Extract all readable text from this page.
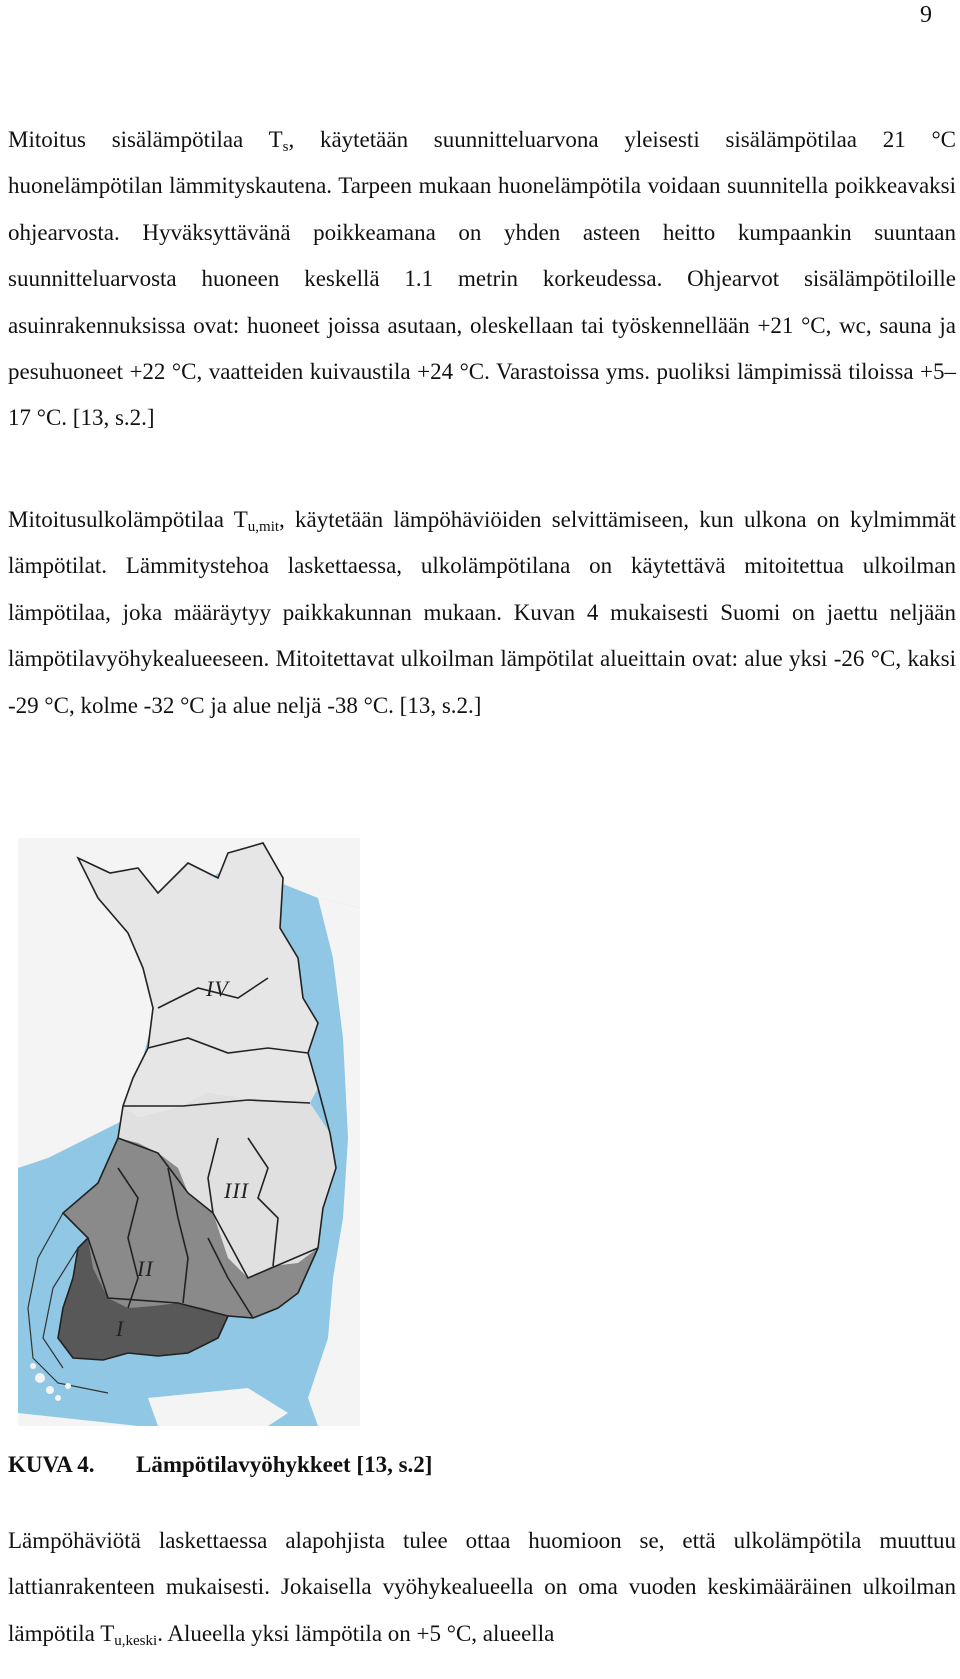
9

Mitoitus sisälämpötilaa $T_s$, käytetään suunnitteluarvona yleisesti sisälämpötilaa 21 °C huonelämpötilan lämmityskautena. Tarpeen mukaan huonelämpötila voidaan suunnitella poikkeavaksi ohjearvosta. Hyväksyttävänä poikkeamana on yhden asteen heitto kumpaankin suuntaan suunnitteluarvosta huoneen keskellä 1.1 metrin korkeudessa. Ohjearvot sisälämpötiloille asuinrakennuksissa ovat: huoneet joissa asutaan, oleskellaan tai työskennellään +21 °C, wc, sauna ja pesuhuoneet +22 °C, vaatteiden kuivaustila +24 °C. Varastoissa yms. puoliksi lämpimissä tiloissa +5–17 °C. [13, s.2.]

Mitoitusulkolämpötilaa $T_{u,mit}$, käytetään lämpöhäviöiden selvittämiseen, kun ulkona on kylmimmät lämpötilat. Lämmitystehoa laskettaessa, ulkolämpötilana on käytettävä mitoitettua ulkoilman lämpötilaa, joka määräytyy paikkakunnan mukaan. Kuvan 4 mukaisesti Suomi on jaettu neljään lämpötilavyöhykealueeseen. Mitoitettavat ulkoilman lämpötilat alueittain ovat: alue yksi -26 °C, kaksi -29 °C, kolme -32 °C ja alue neljä -38 °C. [13, s.2.]

IV
III
II
I

KUVA 4. Lämpötilavyöhykkeet [13, s.2]

Lämpöhäviötä laskettaessa alapohjista tulee ottaa huomioon se, että ulkolämpötila muuttuu lattianrakenteen mukaisesti. Jokaisella vyöhykealueella on oma vuoden keskimääräinen ulkoilman lämpötila $T_{u,keski}$. Alueella yksi lämpötila on +5 °C, alueella
